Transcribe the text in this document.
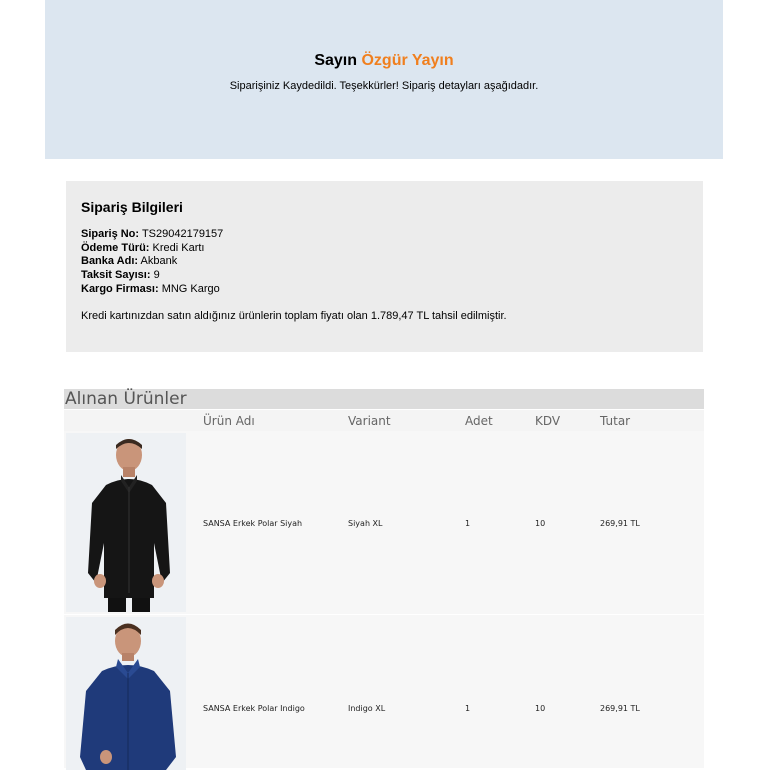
Sayın Özgür Yayın
Siparişiniz Kaydedildi. Teşekkürler! Sipariş detayları aşağıdadır.
Sipariş Bilgileri
Sipariş No: TS29042179157
Ödeme Türü: Kredi Kartı
Banka Adı: Akbank
Taksit Sayısı: 9
Kargo Firması: MNG Kargo
Kredi kartınızdan satın aldığınız ürünlerin toplam fiyatı olan 1.789,47 TL tahsil edilmiştir.
Alınan Ürünler
Ürün Adı	Variant	Adet	KDV	Tutar
SANSA Erkek Polar Siyah	Siyah XL	1	10	269,91 TL
SANSA Erkek Polar Indigo	Indigo XL	1	10	269,91 TL
